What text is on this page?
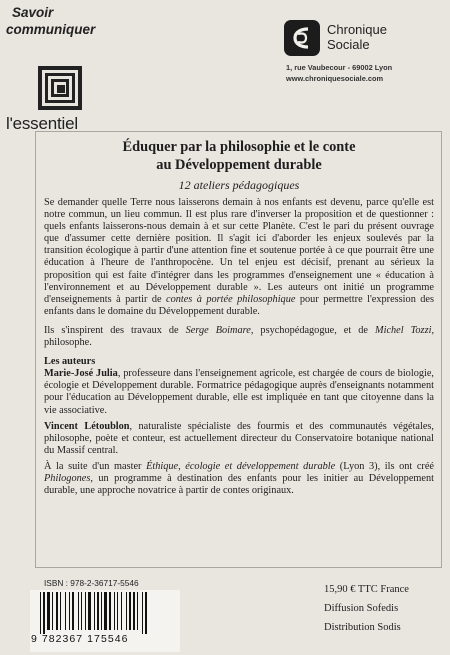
Savoir
communiquer
l'essentiel
Chronique
Sociale
1, rue Vaubecour - 69002 Lyon
www.chroniquesociale.com
Éduquer par la philosophie et le conte
au Développement durable
12 ateliers pédagogiques
Se demander quelle Terre nous laisserons demain à nos enfants est devenu, parce qu'elle est notre commun, un lieu commun. Il est plus rare d'inverser la proposition et de questionner : quels enfants laisserons-nous demain à et sur cette Planète. C'est le pari du présent ouvrage que d'assumer cette dernière position. Il s'agit ici d'aborder les enjeux soulevés par la transition écologique à partir d'une attention fine et soutenue portée à ce que pourrait être une éducation à l'heure de l'anthropocène. Un tel enjeu est décisif, prenant au sérieux la proposition qui est faite d'intégrer dans les programmes d'enseignement une « éducation à l'environnement et au Développement durable ». Les auteurs ont initié un programme d'enseignements à partir de contes à portée philosophique pour permettre l'expression des enfants dans le domaine du Développement durable.
Ils s'inspirent des travaux de Serge Boimare, psychopédagogue, et de Michel Tozzi, philosophe.
Les auteurs
Marie-José Julia, professeure dans l'enseignement agricole, est chargée de cours de biologie, écologie et Développement durable. Formatrice pédagogique auprès d'enseignants notamment pour l'éducation au Développement durable, elle est impliquée en tant que citoyenne dans la vie associative.
Vincent Létoublon, naturaliste spécialiste des fourmis et des communautés végétales, philosophe, poète et conteur, est actuellement directeur du Conservatoire botanique national du Massif central.
À la suite d'un master Éthique, écologie et développement durable (Lyon 3), ils ont créé Philogones, un programme à destination des enfants pour les initier au Développement durable, une approche novatrice à partir de contes originaux.
ISBN : 978-2-36717-5546
9 782367 175546
15,90 € TTC France
Diffusion Sofedis
Distribution Sodis
